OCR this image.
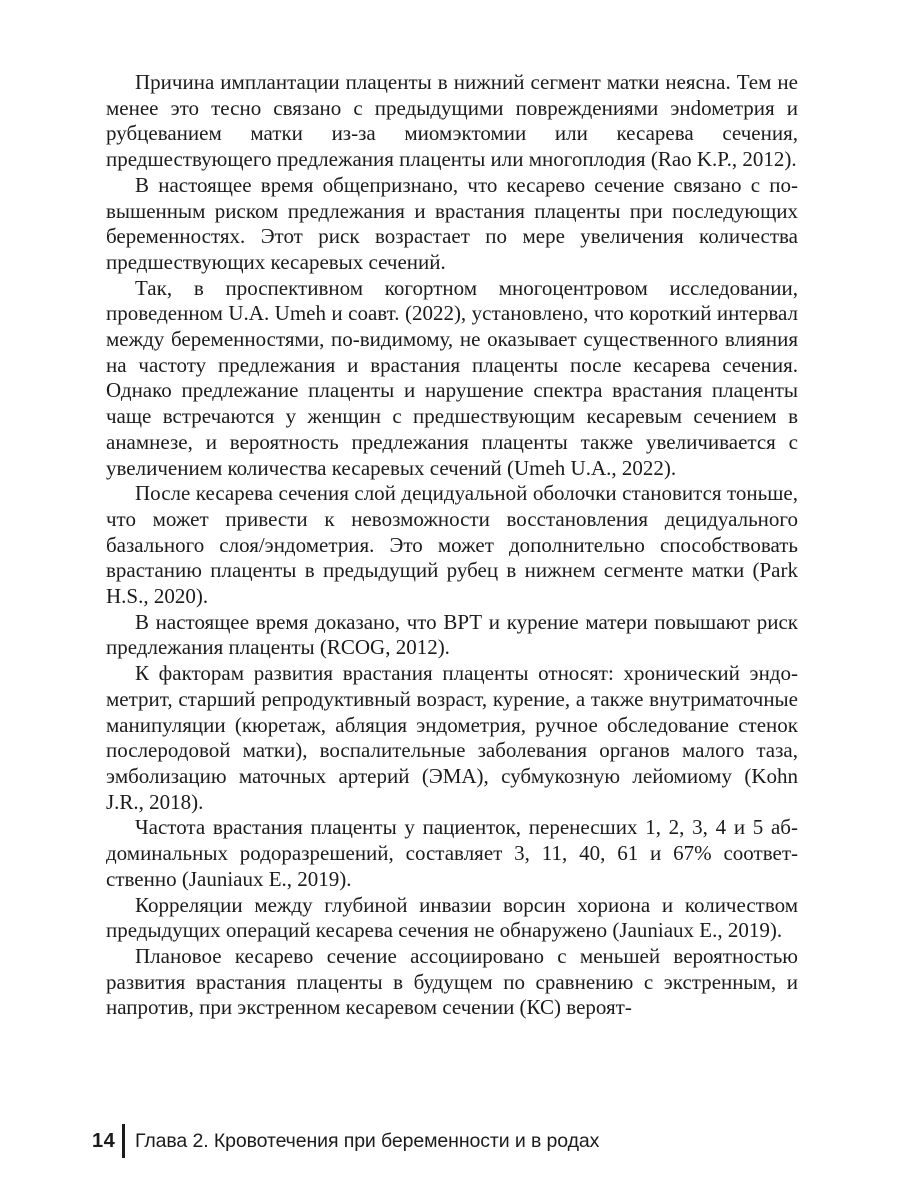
Причина имплантации плаценты в нижний сегмент матки неясна. Тем не менее это тесно связано с предыдущими повреждениями энdометрия и рубцеванием матки из-за миомэктомии или кесарева сечения, предшествующего предлежания плаценты или многоплодия (Rao K.P., 2012).

В настоящее время общепризнано, что кесарево сечение связано с повышенным риском предлежания и врастания плаценты при последующих беременностях. Этот риск возрастает по мере увеличения количества предшествующих кесаревых сечений.

Так, в проспективном когортном многоцентровом исследовании, проведенном U.A. Umeh и соавт. (2022), установлено, что короткий интервал между беременностями, по-видимому, не оказывает существенного влияния на частоту предлежания и врастания плаценты после кесарева сечения. Однако предлежание плаценты и нарушение спектра врастания плаценты чаще встречаются у женщин с предшествующим кесаревым сечением в анамнезе, и вероятность предлежания плаценты также увеличивается с увеличением количества кесаревых сечений (Umeh U.A., 2022).

После кесарева сечения слой децидуальной оболочки становится тоньше, что может привести к невозможности восстановления децидуального базального слоя/эндометрия. Это может дополнительно способствовать врастанию плаценты в предыдущий рубец в нижнем сегменте матки (Park H.S., 2020).

В настоящее время доказано, что ВРТ и курение матери повышают риск предлежания плаценты (RCOG, 2012).

К факторам развития врастания плаценты относят: хронический эндометрит, старший репродуктивный возраст, курение, а также внутриматочные манипуляции (кюретаж, абляция эндометрия, ручное обследование стенок послеродовой матки), воспалительные заболевания органов малого таза, эмболизацию маточных артерий (ЭМА), субмукозную лейомиому (Kohn J.R., 2018).

Частота врастания плаценты у пациенток, перенесших 1, 2, 3, 4 и 5 абдоминальных родоразрешений, составляет 3, 11, 40, 61 и 67% соответственно (Jauniaux E., 2019).

Корреляции между глубиной инвазии ворсин хориона и количеством предыдущих операций кесарева сечения не обнаружено (Jauniaux E., 2019).

Плановое кесарево сечение ассоциировано с меньшей вероятностью развития врастания плаценты в будущем по сравнению с экстренным, и напротив, при экстренном кесаревом сечении (КС) вероят-

14	Глава 2. Кровотечения при беременности и в родах
